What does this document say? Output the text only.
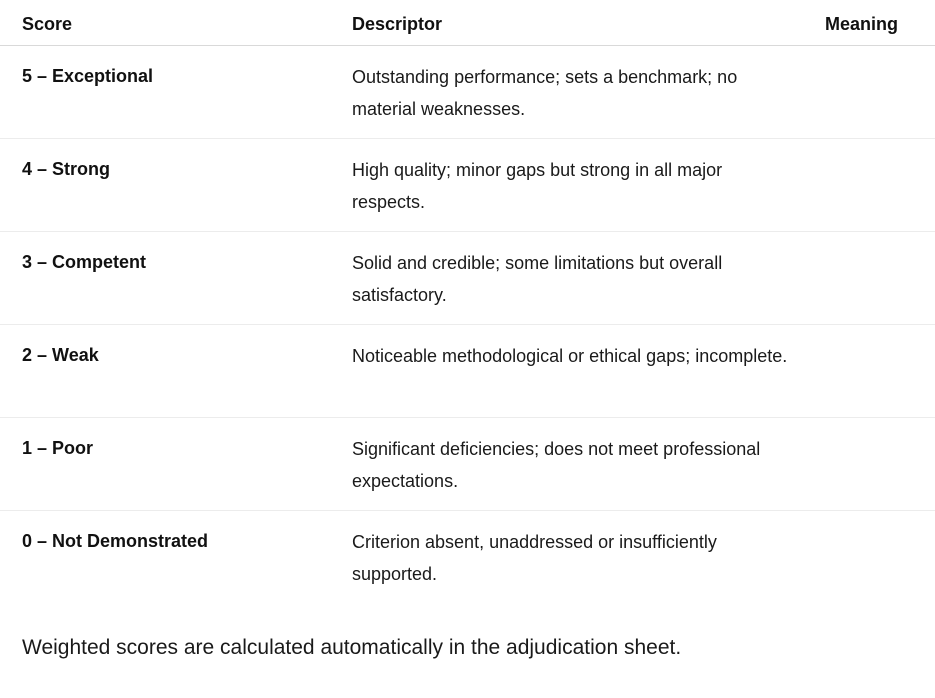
Score	Descriptor	Meaning
5 – Exceptional	Outstanding performance; sets a benchmark; no material weaknesses.
4 – Strong	High quality; minor gaps but strong in all major respects.
3 – Competent	Solid and credible; some limitations but overall satisfactory.
2 – Weak	Noticeable methodological or ethical gaps; incomplete.
1 – Poor	Significant deficiencies; does not meet professional expectations.
0 – Not Demonstrated	Criterion absent, unaddressed or insufficiently supported.
Weighted scores are calculated automatically in the adjudication sheet.
